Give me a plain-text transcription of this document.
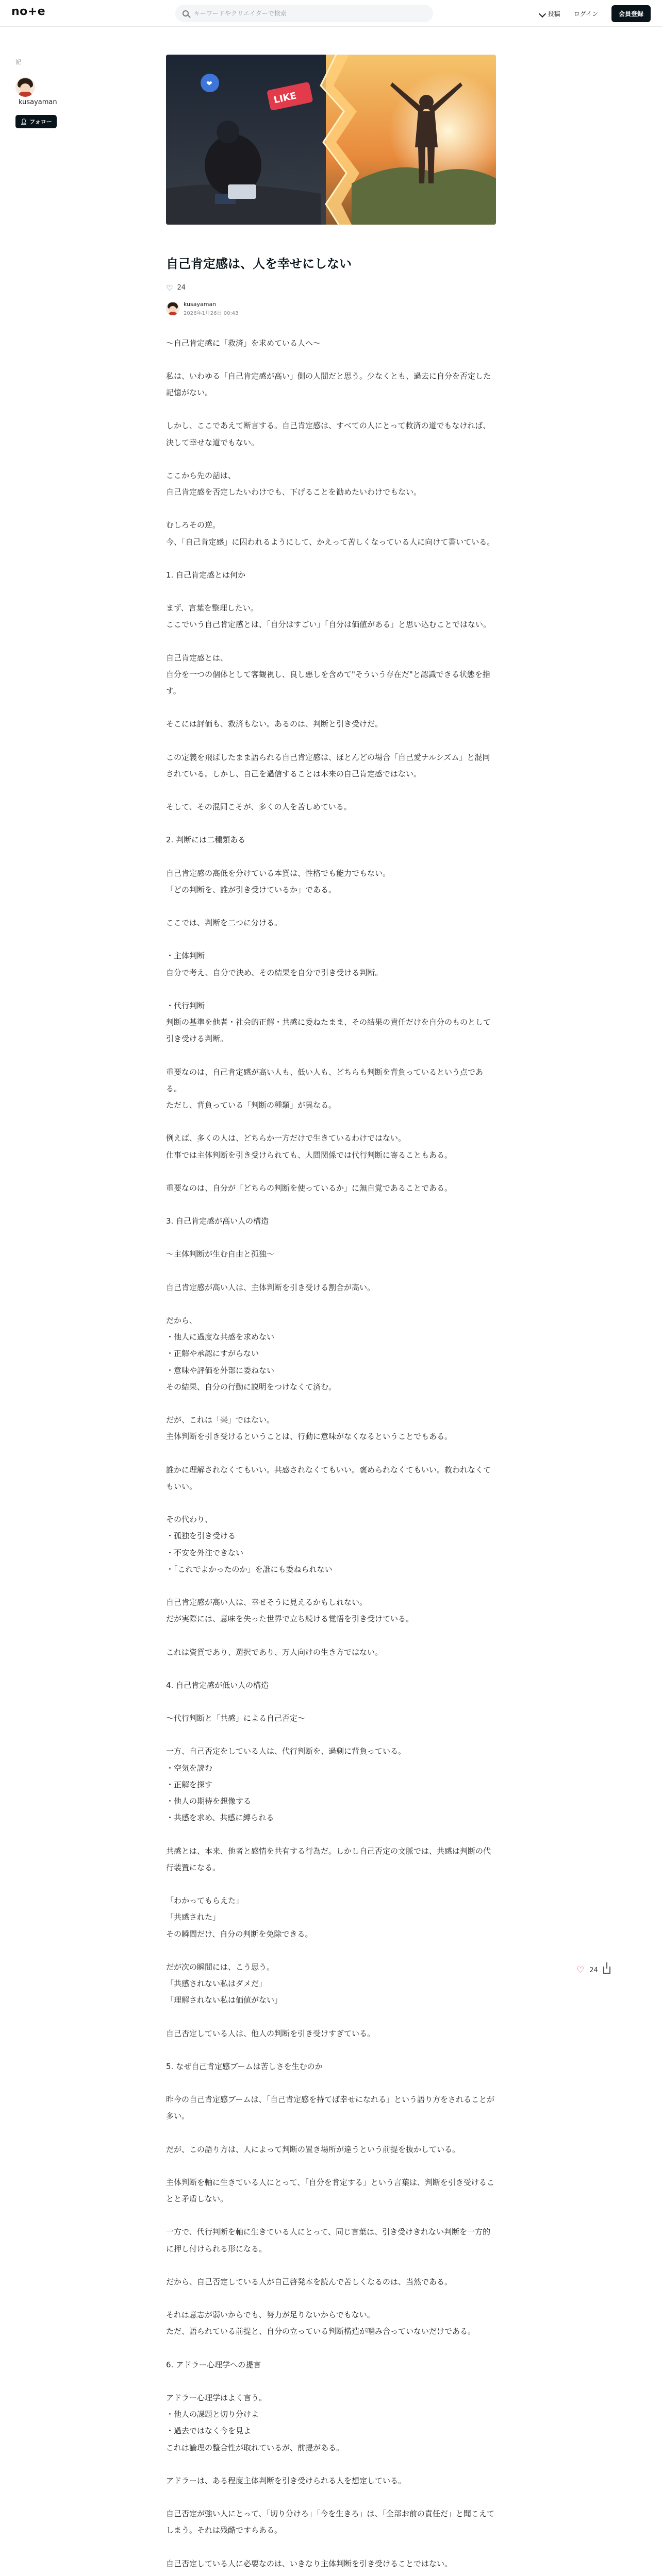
no+e
キーワードやクリエイターで検索	投稿 ログイン	会員登録
記
kusayaman
👤︎ フォロー
❤
LIKE
自己肯定感は、人を幸せにしない
♡ 24
kusayaman
2026年1月26日 00:43

〜自己肯定感に「救済」を求めている人へ〜

私は、いわゆる「自己肯定感が高い」側の人間だと思う。少なくとも、過去に自分を否定した記憶がない。

しかし、ここであえて断言する。自己肯定感は、すべての人にとって救済の道でもなければ、決して幸せな道でもない。

ここから先の話は、
自己肯定感を否定したいわけでも、下げることを勧めたいわけでもない。

むしろその逆。
今、「自己肯定感」に囚われるようにして、かえって苦しくなっている人に向けて書いている。

1. 自己肯定感とは何か

まず、言葉を整理したい。
ここでいう自己肯定感とは、「自分はすごい」「自分は価値がある」と思い込むことではない。

自己肯定感とは、
自分を一つの個体として客観視し、良し悪しを含めて"そういう存在だ"と認識できる状態を指す。

そこには評価も、救済もない。あるのは、判断と引き受けだ。

この定義を飛ばしたまま語られる自己肯定感は、ほとんどの場合「自己愛ナルシズム」と混同されている。しかし、自己を過信することは本来の自己肯定感ではない。

そして、その混同こそが、多くの人を苦しめている。

2. 判断には二種類ある

自己肯定感の高低を分けている本質は、性格でも能力でもない。
「どの判断を、誰が引き受けているか」である。

ここでは、判断を二つに分ける。

・主体判断
自分で考え、自分で決め、その結果を自分で引き受ける判断。

・代行判断
判断の基準を他者・社会的正解・共感に委ねたまま、その結果の責任だけを自分のものとして引き受ける判断。

重要なのは、自己肯定感が高い人も、低い人も、どちらも判断を背負っているという点である。
ただし、背負っている「判断の種類」が異なる。

例えば、多くの人は、どちらか一方だけで生きているわけではない。
仕事では主体判断を引き受けられても、人間関係では代行判断に寄ることもある。

重要なのは、自分が「どちらの判断を使っているか」に無自覚であることである。

3. 自己肯定感が高い人の構造

〜主体判断が生む自由と孤独〜

自己肯定感が高い人は、主体判断を引き受ける割合が高い。

だから、
・他人に過度な共感を求めない
・正解や承認にすがらない
・意味や評価を外部に委ねない
その結果、自分の行動に説明をつけなくて済む。

だが、これは「楽」ではない。
主体判断を引き受けるということは、行動に意味がなくなるということでもある。

誰かに理解されなくてもいい。共感されなくてもいい。褒められなくてもいい。救われなくてもいい。

その代わり、
・孤独を引き受ける
・不安を外注できない
・「これでよかったのか」を誰にも委ねられない

自己肯定感が高い人は、幸せそうに見えるかもしれない。
だが実際には、意味を失った世界で立ち続ける覚悟を引き受けている。

これは資質であり、選択であり、万人向けの生き方ではない。

4. 自己肯定感が低い人の構造

〜代行判断と「共感」による自己否定〜

一方、自己否定をしている人は、代行判断を、過剰に背負っている。
・空気を読む
・正解を探す
・他人の期待を想像する
・共感を求め、共感に縛られる

共感とは、本来、他者と感情を共有する行為だ。しかし自己否定の文脈では、共感は判断の代行装置になる。

「わかってもらえた」
「共感された」
その瞬間だけ、自分の判断を免除できる。

だが次の瞬間には、こう思う。
「共感されない私はダメだ」
「理解されない私は価値がない」

自己否定している人は、他人の判断を引き受けすぎている。

5. なぜ自己肯定感ブームは苦しさを生むのか

昨今の自己肯定感ブームは、「自己肯定感を持てば幸せになれる」という語り方をされることが多い。

だが、この語り方は、人によって判断の置き場所が違うという前提を抜かしている。

主体判断を軸に生きている人にとって、「自分を肯定する」という言葉は、判断を引き受けることと矛盾しない。

一方で、代行判断を軸に生きている人にとって、同じ言葉は、引き受けきれない判断を一方的に押し付けられる形になる。

だから、自己否定している人が自己啓発本を読んで苦しくなるのは、当然である。

それは意志が弱いからでも、努力が足りないからでもない。
ただ、語られている前提と、自分の立っている判断構造が噛み合っていないだけである。

6. アドラー心理学への提言

アドラー心理学はよく言う。
・他人の課題と切り分けよ
・過去ではなく今を見よ
これは論理の整合性が取れているが、前提がある。

アドラーは、ある程度主体判断を引き受けられる人を想定している。

自己否定が強い人にとって、「切り分けろ」「今を生きろ」は、「全部お前の責任だ」と聞こえてしまう。それは残酷ですらある。

自己否定している人に必要なのは、いきなり主体判断を引き受けることではない。

♡ 24
